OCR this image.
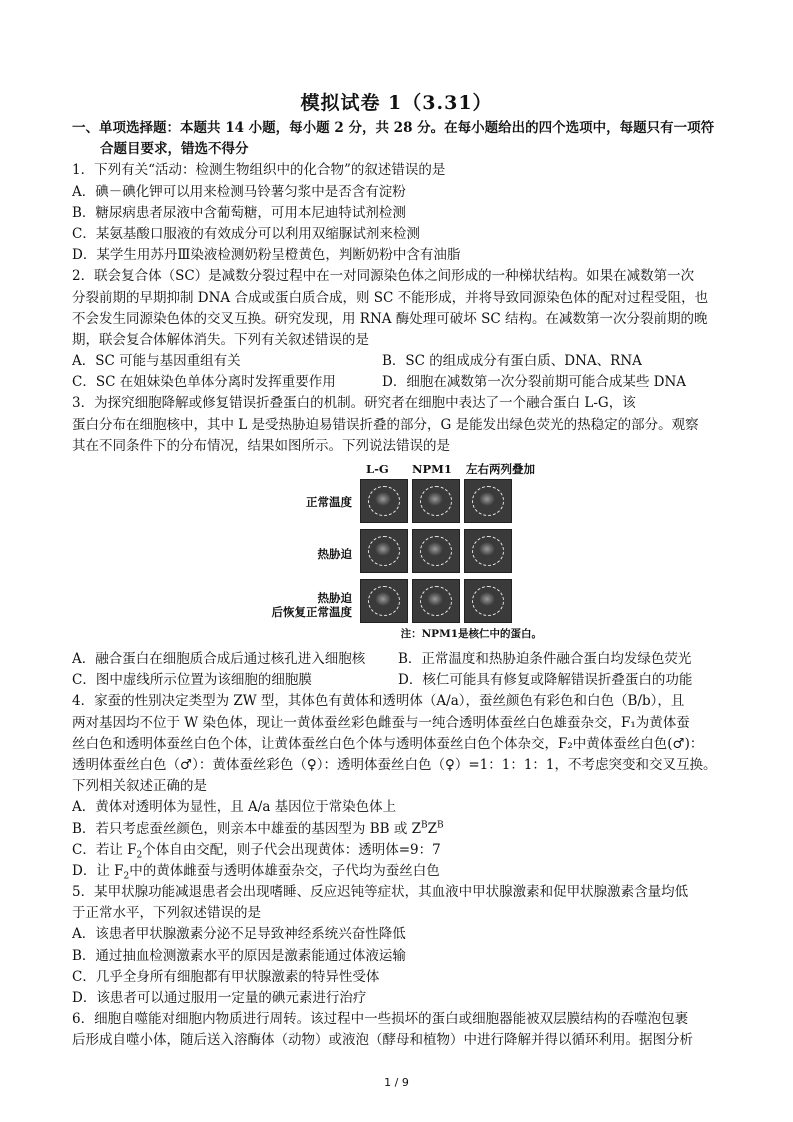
模拟试卷 1（3.31）
一、单项选择题：本题共 14 小题，每小题 2 分，共 28 分。在每小题给出的四个选项中，每题只有一项符
合题目要求，错选不得分
1．下列有关“活动：检测生物组织中的化合物”的叙述错误的是
A．碘－碘化钾可以用来检测马铃薯匀浆中是否含有淀粉
B．糖尿病患者尿液中含葡萄糖，可用本尼迪特试剂检测
C．某氨基酸口服液的有效成分可以利用双缩脲试剂来检测
D．某学生用苏丹Ⅲ染液检测奶粉呈橙黄色，判断奶粉中含有油脂
2．联会复合体（SC）是减数分裂过程中在一对同源染色体之间形成的一种梯状结构。如果在减数第一次
分裂前期的早期抑制 DNA 合成或蛋白质合成，则 SC 不能形成，并将导致同源染色体的配对过程受阻，也
不会发生同源染色体的交叉互换。研究发现，用 RNA 酶处理可破坏 SC 结构。在减数第一次分裂前期的晚
期，联会复合体解体消失。下列有关叙述错误的是
A．SC 可能与基因重组有关	B．SC 的组成成分有蛋白质、DNA、RNA
C．SC 在姐妹染色单体分离时发挥重要作用	D．细胞在减数第一次分裂前期可能合成某些 DNA
3．为探究细胞降解或修复错误折叠蛋白的机制。研究者在细胞中表达了一个融合蛋白 L-G，该
蛋白分布在细胞核中，其中 L 是受热胁迫易错误折叠的部分，G 是能发出绿色荧光的热稳定的部分。观察
其在不同条件下的分布情况，结果如图所示。下列说法错误的是
L-G NPM1 左右两列叠加
正常温度
热胁迫
热胁迫
后恢复正常温度
注：NPM1是核仁中的蛋白。
A．融合蛋白在细胞质合成后通过核孔进入细胞核	B．正常温度和热胁迫条件融合蛋白均发绿色荧光
C．图中虚线所示位置为该细胞的细胞膜	D．核仁可能具有修复或降解错误折叠蛋白的功能
4．家蚕的性别决定类型为 ZW 型，其体色有黄体和透明体（A/a），蚕丝颜色有彩色和白色（B/b），且
两对基因均不位于 W 染色体，现让一黄体蚕丝彩色雌蚕与一纯合透明体蚕丝白色雄蚕杂交，F₁为黄体蚕
丝白色和透明体蚕丝白色个体，让黄体蚕丝白色个体与透明体蚕丝白色个体杂交，F₂中黄体蚕丝白色(♂)：
透明体蚕丝白色（♂）：黄体蚕丝彩色（♀）：透明体蚕丝白色（♀）=1：1：1：1，不考虑突变和交叉互换。
下列相关叙述正确的是
A．黄体对透明体为显性，且 A/a 基因位于常染色体上
B．若只考虑蚕丝颜色，则亲本中雄蚕的基因型为 BB 或 $Z^BZ^B$
C．若让 $F_2$个体自由交配，则子代会出现黄体：透明体=9：7
D．让 $F_2$中的黄体雌蚕与透明体雄蚕杂交，子代均为蚕丝白色
5．某甲状腺功能减退患者会出现嗜睡、反应迟钝等症状，其血液中甲状腺激素和促甲状腺激素含量均低
于正常水平，下列叙述错误的是
A．该患者甲状腺激素分泌不足导致神经系统兴奋性降低
B．通过抽血检测激素水平的原因是激素能通过体液运输
C．几乎全身所有细胞都有甲状腺激素的特异性受体
D．该患者可以通过服用一定量的碘元素进行治疗
6．细胞自噬能对细胞内物质进行周转。该过程中一些损坏的蛋白或细胞器能被双层膜结构的吞噬泡包裹
后形成自噬小体，随后送入溶酶体（动物）或液泡（酵母和植物）中进行降解并得以循环利用。据图分析
1 / 9
